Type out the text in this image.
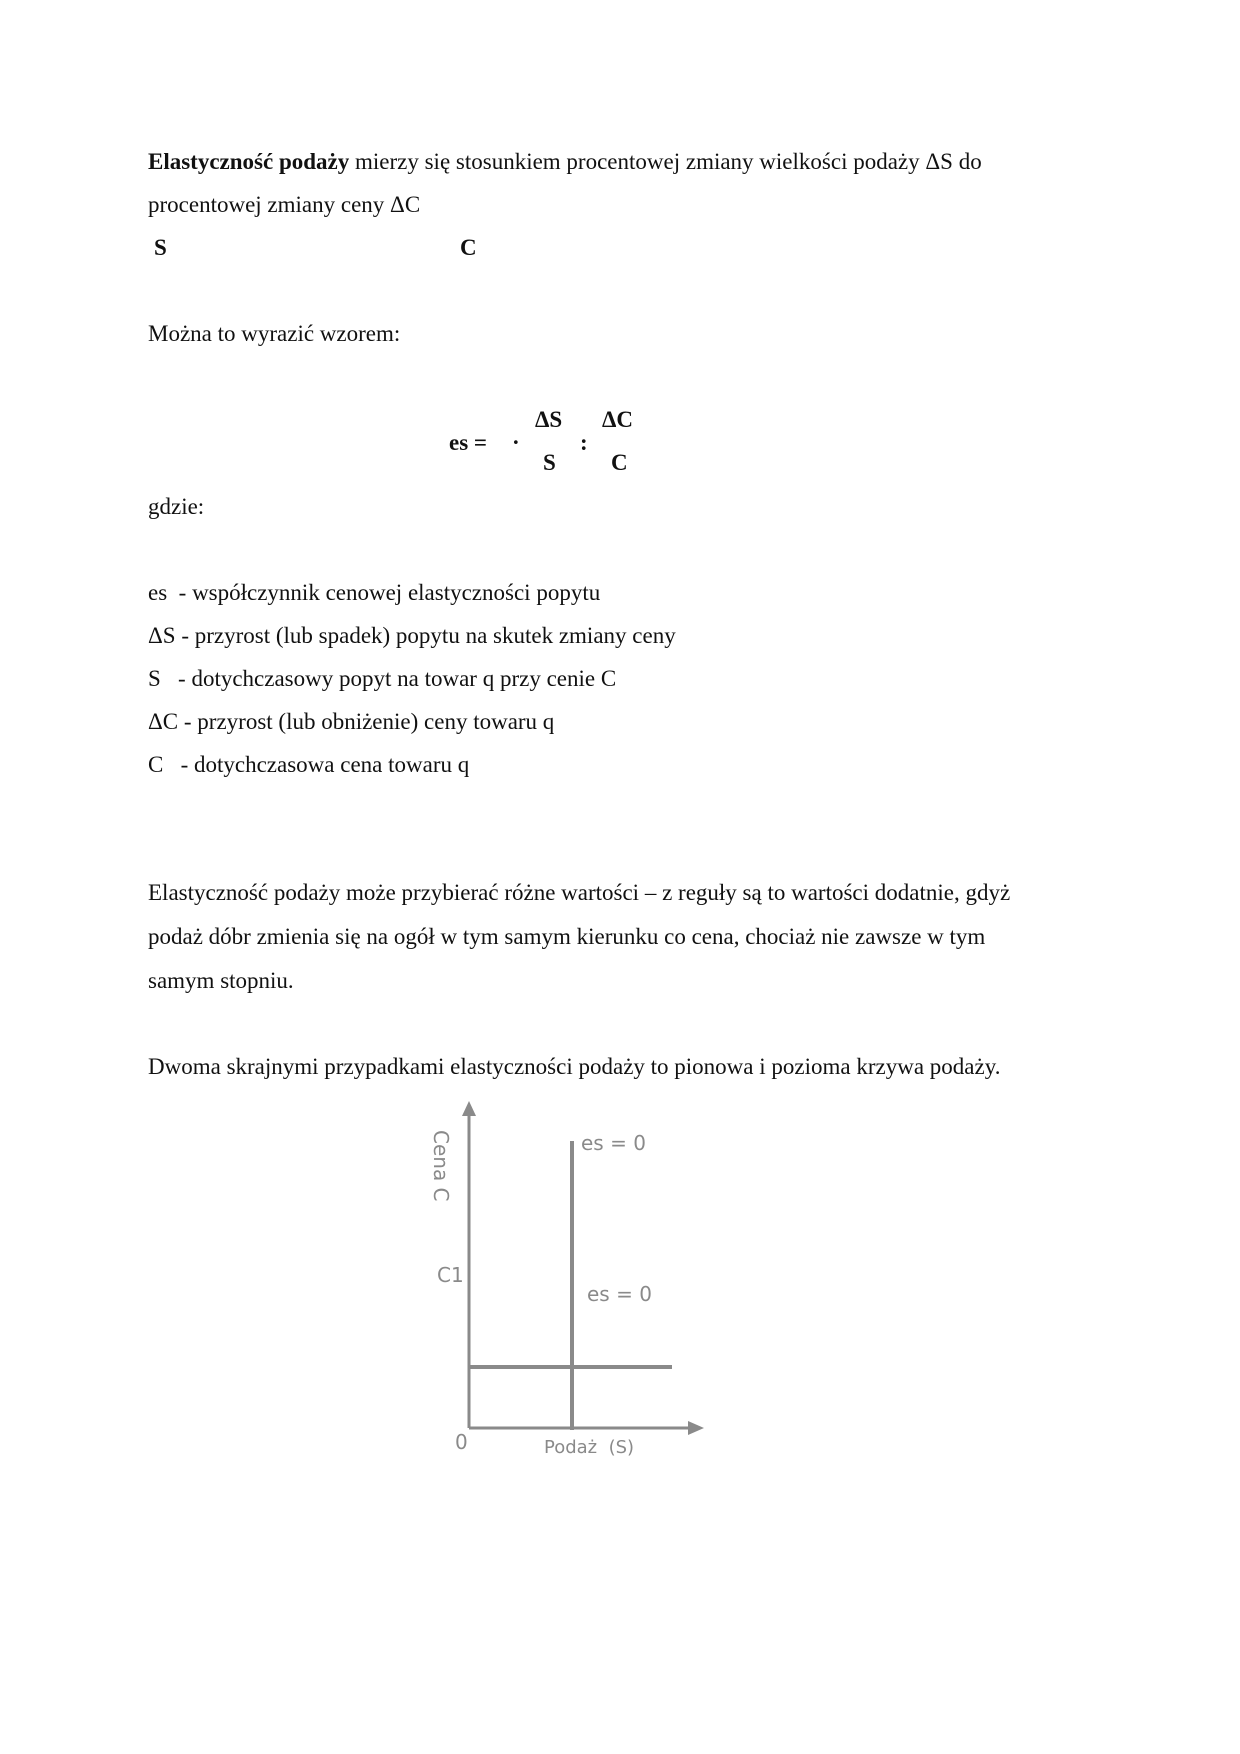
Elastyczność podaży mierzy się stosunkiem procentowej zmiany wielkości podaży ΔS do
procentowej zmiany ceny ΔC
S	C
Można to wyrazić wzorem:
es = ·
ΔS
S
:
ΔC
C
gdzie:
es  - współczynnik cenowej elastyczności popytu
ΔS - przyrost (lub spadek) popytu na skutek zmiany ceny
S   - dotychczasowy popyt na towar q przy cenie C
ΔC - przyrost (lub obniżenie) ceny towaru q
C   - dotychczasowa cena towaru q
Elastyczność podaży może przybierać różne wartości – z reguły są to wartości dodatnie, gdyż
podaż dóbr zmienia się na ogół w tym samym kierunku co cena, chociaż nie zawsze w tym
samym stopniu.
Dwoma skrajnymi przypadkami elastyczności podaży to pionowa i pozioma krzywa podaży.
Cena C
C1
es = 0
es = 0
0	Podaż  (S)
